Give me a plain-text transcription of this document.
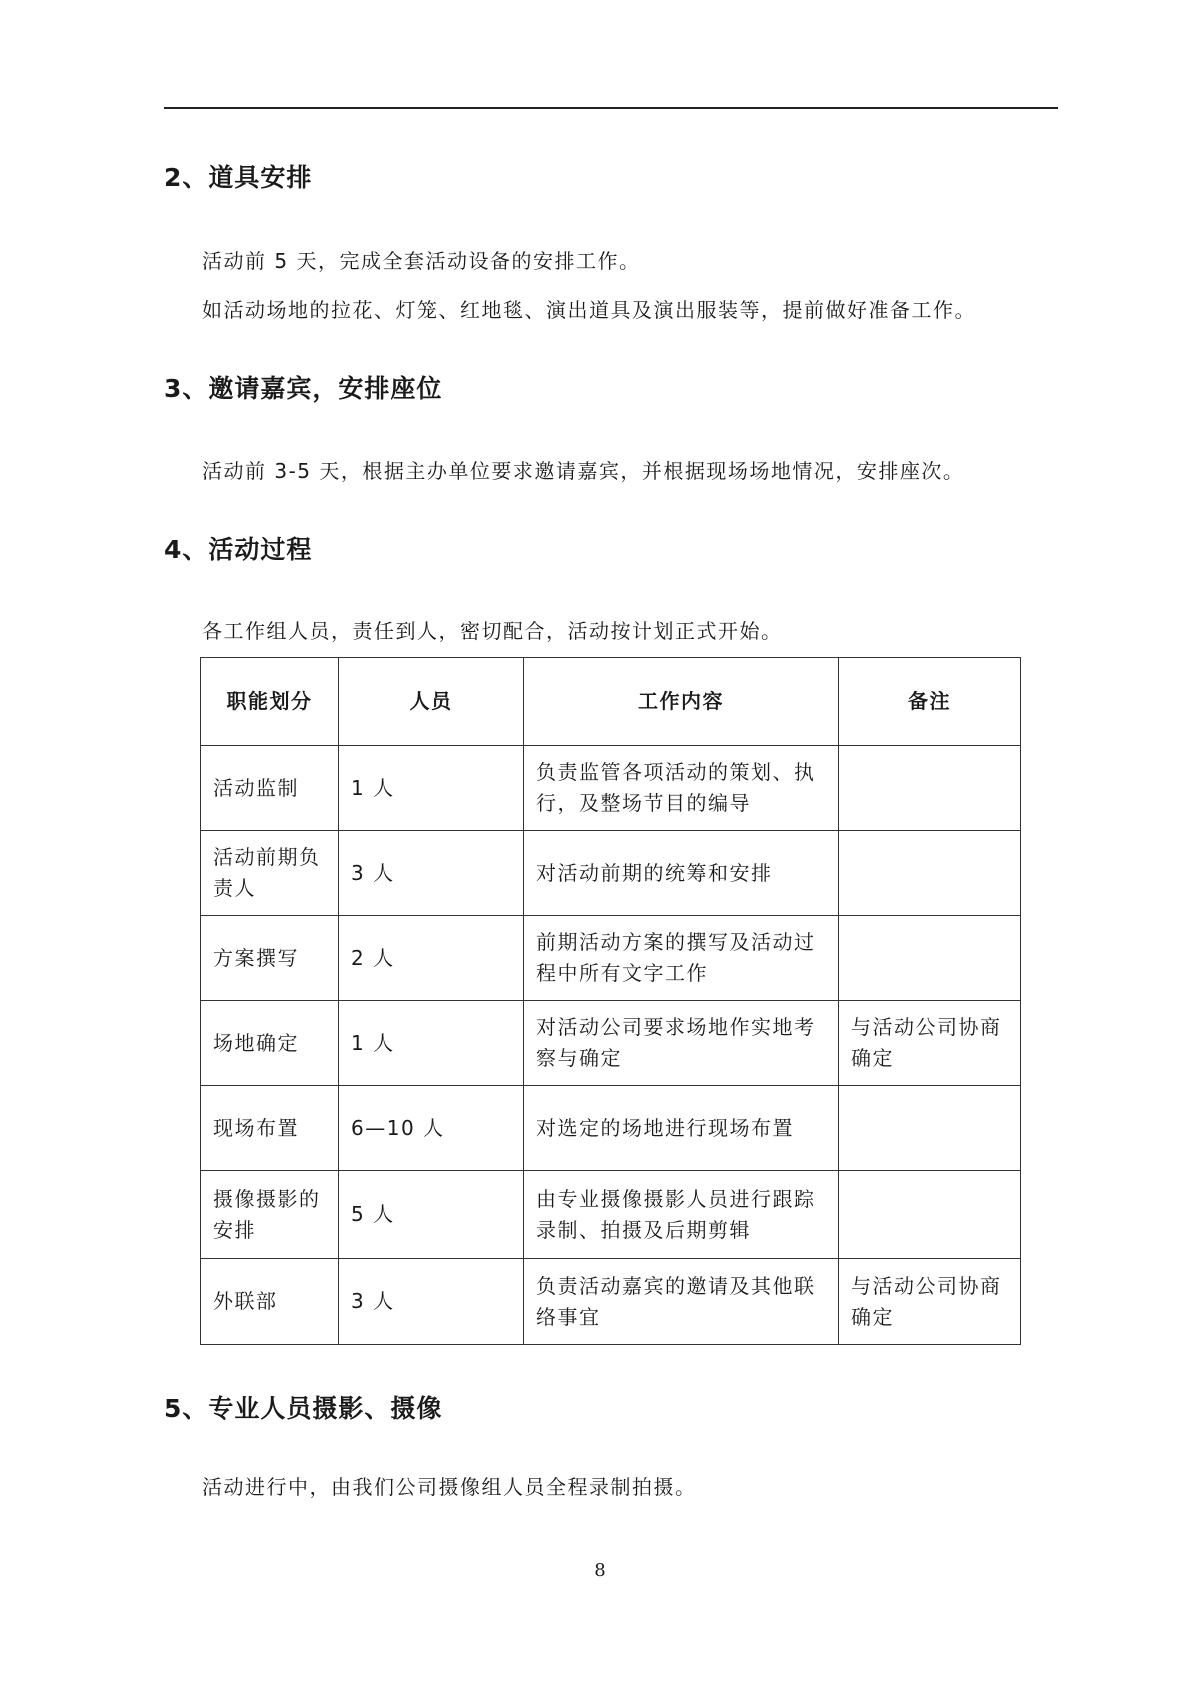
2、道具安排

活动前 5 天，完成全套活动设备的安排工作。

如活动场地的拉花、灯笼、红地毯、演出道具及演出服装等，提前做好准备工作。

3、邀请嘉宾，安排座位

活动前 3-5 天，根据主办单位要求邀请嘉宾，并根据现场场地情况，安排座次。

4、活动过程

各工作组人员，责任到人，密切配合，活动按计划正式开始。

职能划分	人员	工作内容	备注
活动监制	1 人	负责监管各项活动的策划、执行，及整场节目的编导	
活动前期负责人	3 人	对活动前期的统筹和安排	
方案撰写	2 人	前期活动方案的撰写及活动过程中所有文字工作	
场地确定	1 人	对活动公司要求场地作实地考察与确定	与活动公司协商确定
现场布置	6—10 人	对选定的场地进行现场布置	
摄像摄影的安排	5 人	由专业摄像摄影人员进行跟踪录制、拍摄及后期剪辑	
外联部	3 人	负责活动嘉宾的邀请及其他联络事宜	与活动公司协商确定
5、专业人员摄影、摄像

活动进行中，由我们公司摄像组人员全程录制拍摄。

8
